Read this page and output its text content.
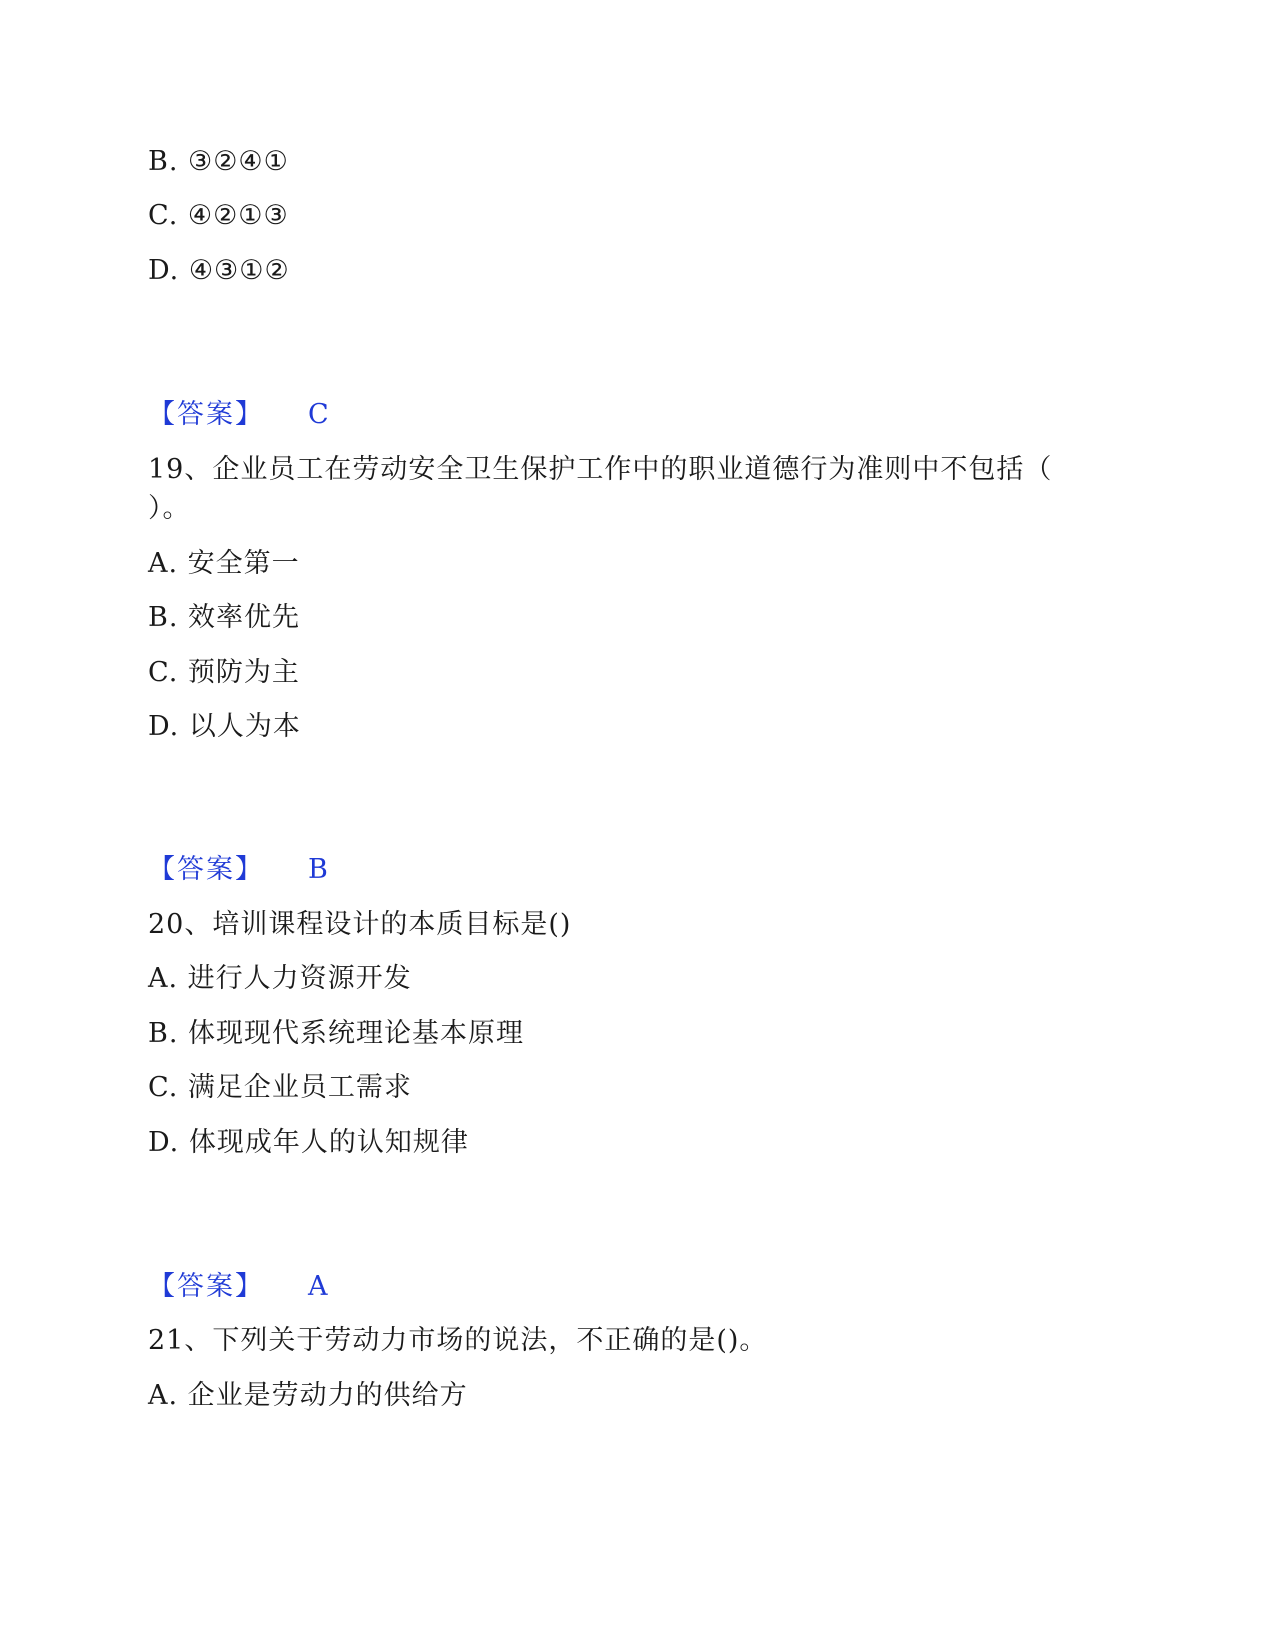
B. ③②④①
C. ④②①③
D. ④③①②
【答案】 C
19、企业员工在劳动安全卫生保护工作中的职业道德行为准则中不包括（
）。
A. 安全第一
B. 效率优先
C. 预防为主
D. 以人为本
【答案】 B
20、培训课程设计的本质目标是()
A. 进行人力资源开发
B. 体现现代系统理论基本原理
C. 满足企业员工需求
D. 体现成年人的认知规律
【答案】 A
21、下列关于劳动力市场的说法，不正确的是()。
A. 企业是劳动力的供给方
